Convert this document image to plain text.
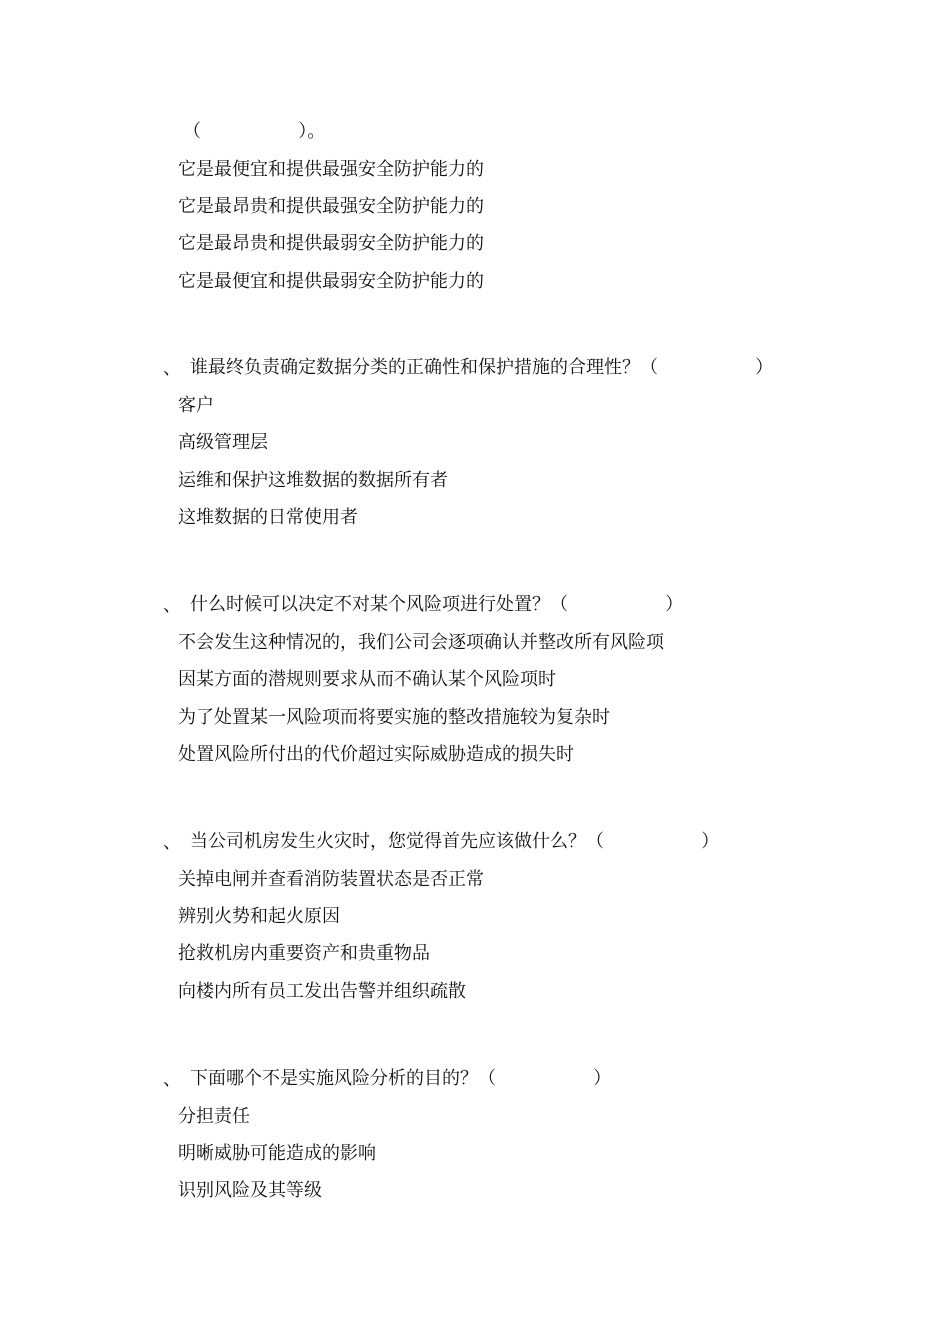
（                 ）。
它是最便宜和提供最强安全防护能力的
它是最昂贵和提供最强安全防护能力的
它是最昂贵和提供最弱安全防护能力的
它是最便宜和提供最弱安全防护能力的
、 谁最终负责确定数据分类的正确性和保护措施的合理性？（                 ）
客户
高级管理层
运维和保护这堆数据的数据所有者
这堆数据的日常使用者
、 什么时候可以决定不对某个风险项进行处置？（                 ）
不会发生这种情况的，我们公司会逐项确认并整改所有风险项
因某方面的潜规则要求从而不确认某个风险项时
为了处置某一风险项而将要实施的整改措施较为复杂时
处置风险所付出的代价超过实际威胁造成的损失时
、 当公司机房发生火灾时，您觉得首先应该做什么？（                 ）
关掉电闸并查看消防装置状态是否正常
辨别火势和起火原因
抢救机房内重要资产和贵重物品
向楼内所有员工发出告警并组织疏散
、 下面哪个不是实施风险分析的目的？（                 ）
分担责任
明晰威胁可能造成的影响
识别风险及其等级
